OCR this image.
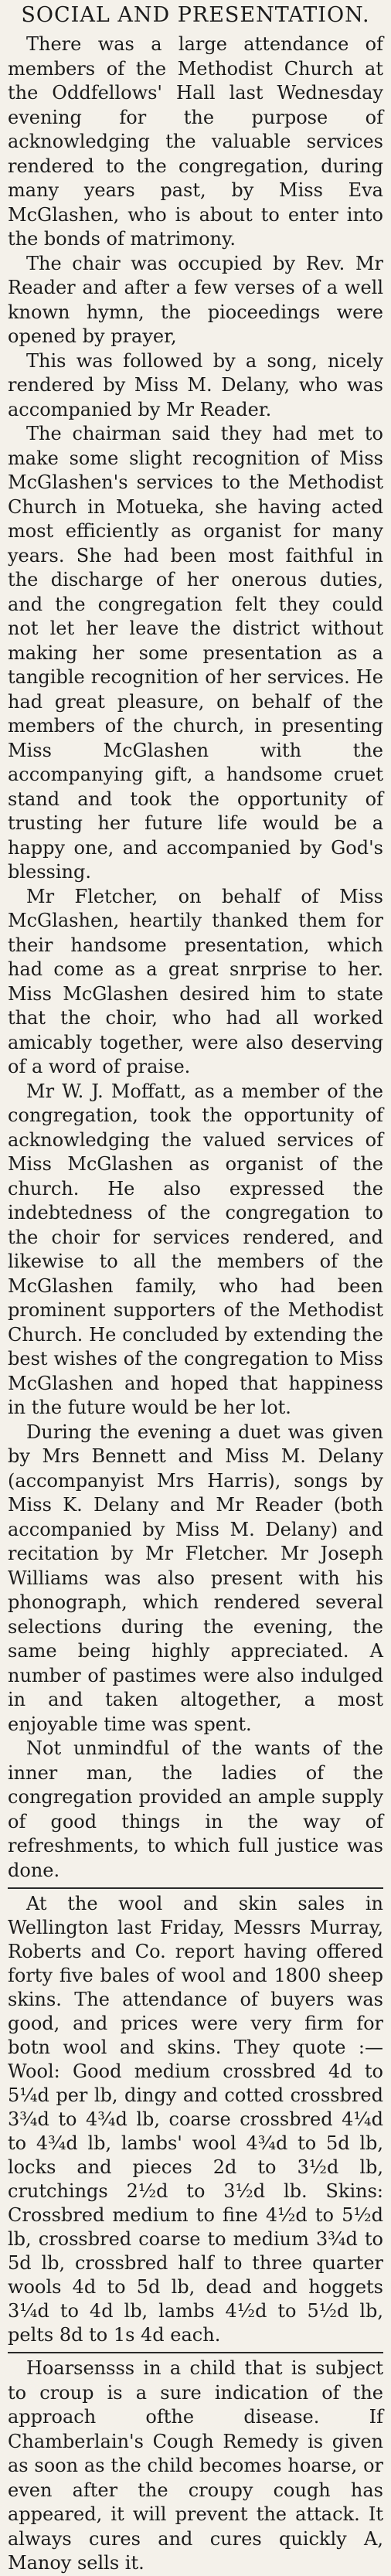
SOCIAL AND PRESENTATION.

There was a large attendance of members of the Methodist Church at the Oddfellows' Hall last Wednesday evening for the purpose of acknowledging the valuable services rendered to the congregation, during many years past, by Miss Eva McGlashen, who is about to enter into the bonds of matrimony.

The chair was occupied by Rev. Mr Reader and after a few verses of a well known hymn, the pioceedings were opened by prayer,

This was followed by a song, nicely rendered by Miss M. Delany, who was accompanied by Mr Reader.

The chairman said they had met to make some slight recognition of Miss McGlashen's services to the Methodist Church in Motueka, she having acted most efficiently as organist for many years. She had been most faithful in the discharge of her onerous duties, and the congregation felt they could not let her leave the district without making her some presentation as a tangible recognition of her services. He had great pleasure, on behalf of the members of the church, in presenting Miss McGlashen with the accompanying gift, a handsome cruet stand and took the opportunity of trusting her future life would be a happy one, and accompanied by God's blessing.

Mr Fletcher, on behalf of Miss McGlashen, heartily thanked them for their handsome presentation, which had come as a great snrprise to her. Miss McGlashen desired him to state that the choir, who had all worked amicably together, were also deserving of a word of praise.

Mr W. J. Moffatt, as a member of the congregation, took the opportunity of acknowledging the valued services of Miss McGlashen as organist of the church. He also expressed the indebtedness of the congregation to the choir for services rendered, and likewise to all the members of the McGlashen family, who had been prominent supporters of the Methodist Church. He concluded by extending the best wishes of the congregation to Miss McGlashen and hoped that happiness in the future would be her lot.

During the evening a duet was given by Mrs Bennett and Miss M. Delany (accompanyist Mrs Harris), songs by Miss K. Delany and Mr Reader (both accompanied by Miss M. Delany) and recitation by Mr Fletcher. Mr Joseph Williams was also present with his phonograph, which rendered several selections during the evening, the same being highly appreciated. A number of pastimes were also indulged in and taken altogether, a most enjoyable time was spent.

Not unmindful of the wants of the inner man, the ladies of the congregation provided an ample supply of good things in the way of refreshments, to which full justice was done.

At the wool and skin sales in Wellington last Friday, Messrs Murray, Roberts and Co. report having offered forty five bales of wool and 1800 sheep skins. The attendance of buyers was good, and prices were very firm for botn wool and skins. They quote :— Wool: Good medium crossbred 4d to 5¼d per lb, dingy and cotted crossbred 3¾d to 4¾d lb, coarse crossbred 4¼d to 4¾d lb, lambs' wool 4¾d to 5d lb, locks and pieces 2d to 3½d lb, crutchings 2½d to 3½d lb. Skins: Crossbred medium to fine 4½d to 5½d lb, crossbred coarse to medium 3¾d to 5d lb, crossbred half to three quarter wools 4d to 5d lb, dead and hoggets 3¼d to 4d lb, lambs 4½d to 5½d lb, pelts 8d to 1s 4d each.

Hoarsensss in a child that is subject to croup is a sure indication of the approach ofthe disease. If Chamberlain's Cough Remedy is given as soon as the child becomes hoarse, or even after the croupy cough has appeared, it will prevent the attack. It always cures and cures quickly A, Manoy sells it.
